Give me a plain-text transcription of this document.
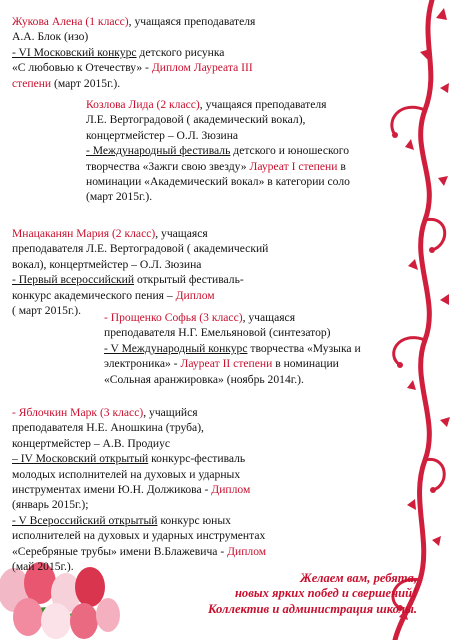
Жукова Алена (1 класс), учащаяся преподавателя
А.А. Блок (изо)
- VI Московский конкурс детского рисунка
«С любовью к Отечеству» - Диплом Лауреата III
степени (март 2015г.).
Козлова Лида (2 класс), учащаяся преподавателя
Л.Е. Вертоградовой ( академический вокал),
концертмейстер – О.Л. Зюзина
- Международный фестиваль детского и юношеского
творчества «Зажги свою звезду» Лауреат I степени в
номинации «Академический вокал» в категории соло
(март 2015г.).
Мнацаканян Мария (2 класс), учащаяся
преподавателя Л.Е. Вертоградовой ( академический
вокал), концертмейстер – О.Л. Зюзина
- Первый всероссийский открытый фестиваль-
конкурс академического пения – Диплом
( март 2015г.).
- Прощенко Софья (3 класс), учащаяся
преподавателя Н.Г. Емельяновой (синтезатор)
- V Международный конкурс творчества «Музыка и
электроника» - Лауреат II степени в номинации
«Сольная аранжировка» (ноябрь 2014г.).
- Яблочкин Марк (3 класс), учащийся
преподавателя Н.Е. Аношкина (труба),
концертмейстер – А.В. Продиус
– IV Московский открытый конкурс-фестиваль
молодых исполнителей на духовых и ударных
инструментах имени Ю.Н. Должикова - Диплом
(январь 2015г.);
- V Всероссийский открытый конкурс юных
исполнителей на духовых и ударных инструментах
«Серебряные трубы» имени В.Блажевича - Диплом
(май 2015г.).
Желаем вам, ребята,
новых ярких побед и свершений!
Коллектив и администрация школы.
